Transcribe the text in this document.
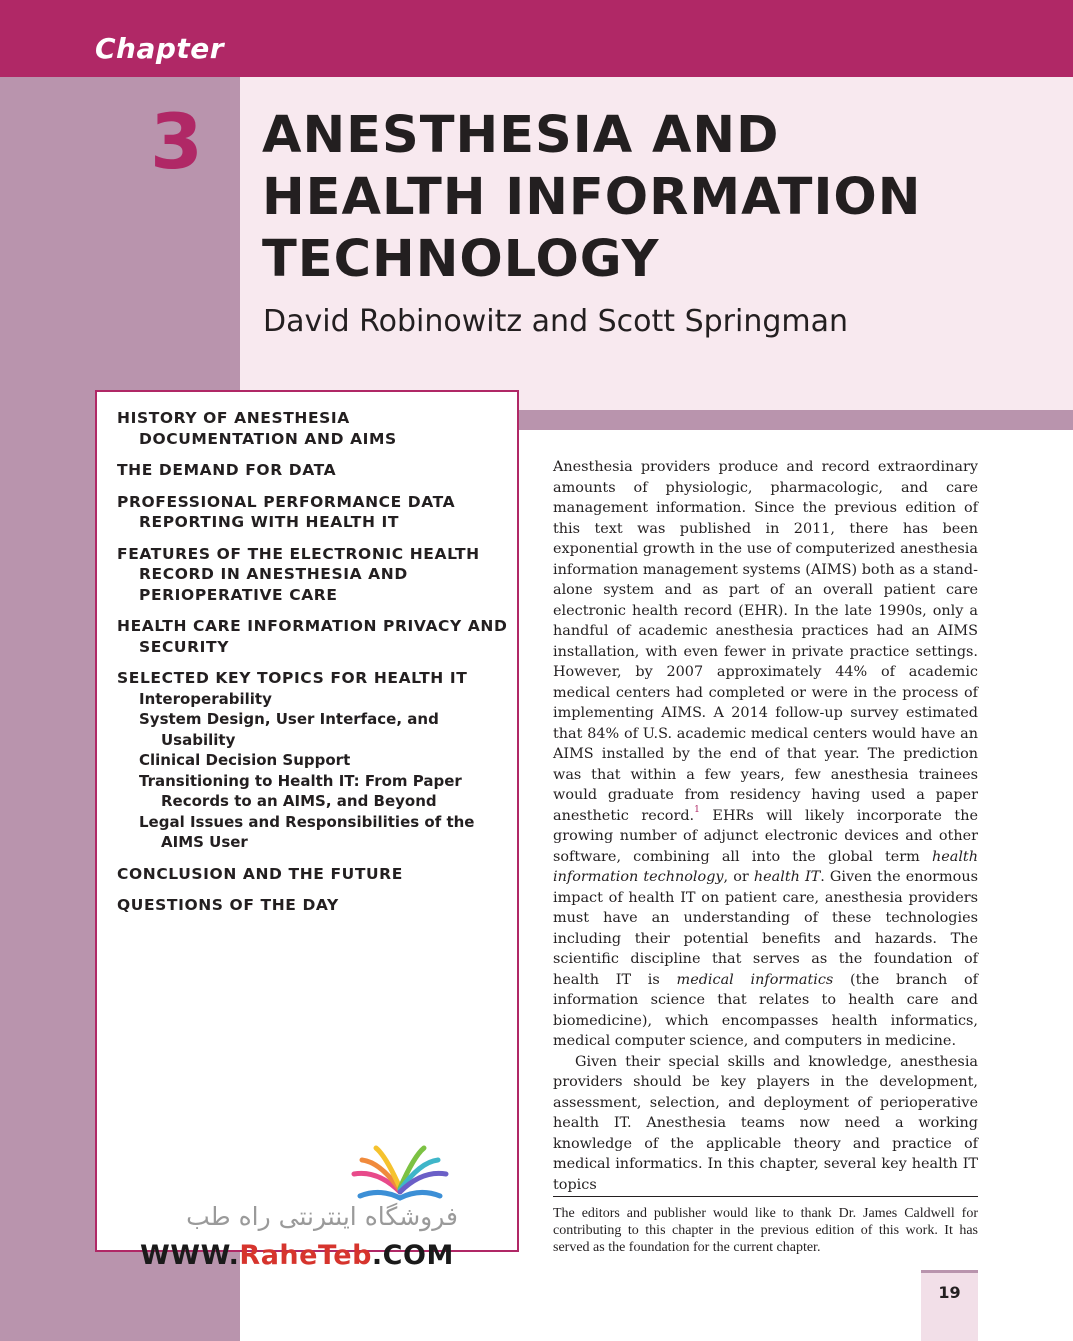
Chapter
3 ANESTHESIA AND
HEALTH INFORMATION
TECHNOLOGY
David Robinowitz and Scott Springman
HISTORY OF ANESTHESIA DOCUMENTATION AND AIMS
THE DEMAND FOR DATA
PROFESSIONAL PERFORMANCE DATA REPORTING WITH HEALTH IT
FEATURES OF THE ELECTRONIC HEALTH RECORD IN ANESTHESIA AND PERIOPERATIVE CARE
HEALTH CARE INFORMATION PRIVACY AND SECURITY
SELECTED KEY TOPICS FOR HEALTH IT
Interoperability
System Design, User Interface, and Usability
Clinical Decision Support
Transitioning to Health IT: From Paper Records to an AIMS, and Beyond
Legal Issues and Responsibilities of the AIMS User
CONCLUSION AND THE FUTURE
QUESTIONS OF THE DAY

Anesthesia providers produce and record extraordinary amounts of physiologic, pharmacologic, and care management information. Since the previous edition of this text was published in 2011, there has been exponential growth in the use of computerized anesthesia information management systems (AIMS) both as a stand-alone system and as part of an overall patient care electronic health record (EHR). In the late 1990s, only a handful of academic anesthesia practices had an AIMS installation, with even fewer in private practice settings. However, by 2007 approximately 44% of academic medical centers had completed or were in the process of implementing AIMS. A 2014 follow-up survey estimated that 84% of U.S. academic medical centers would have an AIMS installed by the end of that year. The prediction was that within a few years, few anesthesia trainees would graduate from residency having used a paper anesthetic record.$^1$ EHRs will likely incorporate the growing number of adjunct electronic devices and other software, combining all into the global term health information technology, or health IT. Given the enormous impact of health IT on patient care, anesthesia providers must have an understanding of these technologies including their potential benefits and hazards. The scientific discipline that serves as the foundation of health IT is medical informatics (the branch of information science that relates to health care and biomedicine), which encompasses health informatics, medical computer science, and computers in medicine.

Given their special skills and knowledge, anesthesia providers should be key players in the development, assessment, selection, and deployment of perioperative health IT. Anesthesia teams now need a working knowledge of the applicable theory and practice of medical informatics. In this chapter, several key health IT topics

The editors and publisher would like to thank Dr. James Caldwell for contributing to this chapter in the previous edition of this work. It has served as the foundation for the current chapter.
19
فروشگاه اینترنتی راه طب
WWW.RaheTeb.COM
